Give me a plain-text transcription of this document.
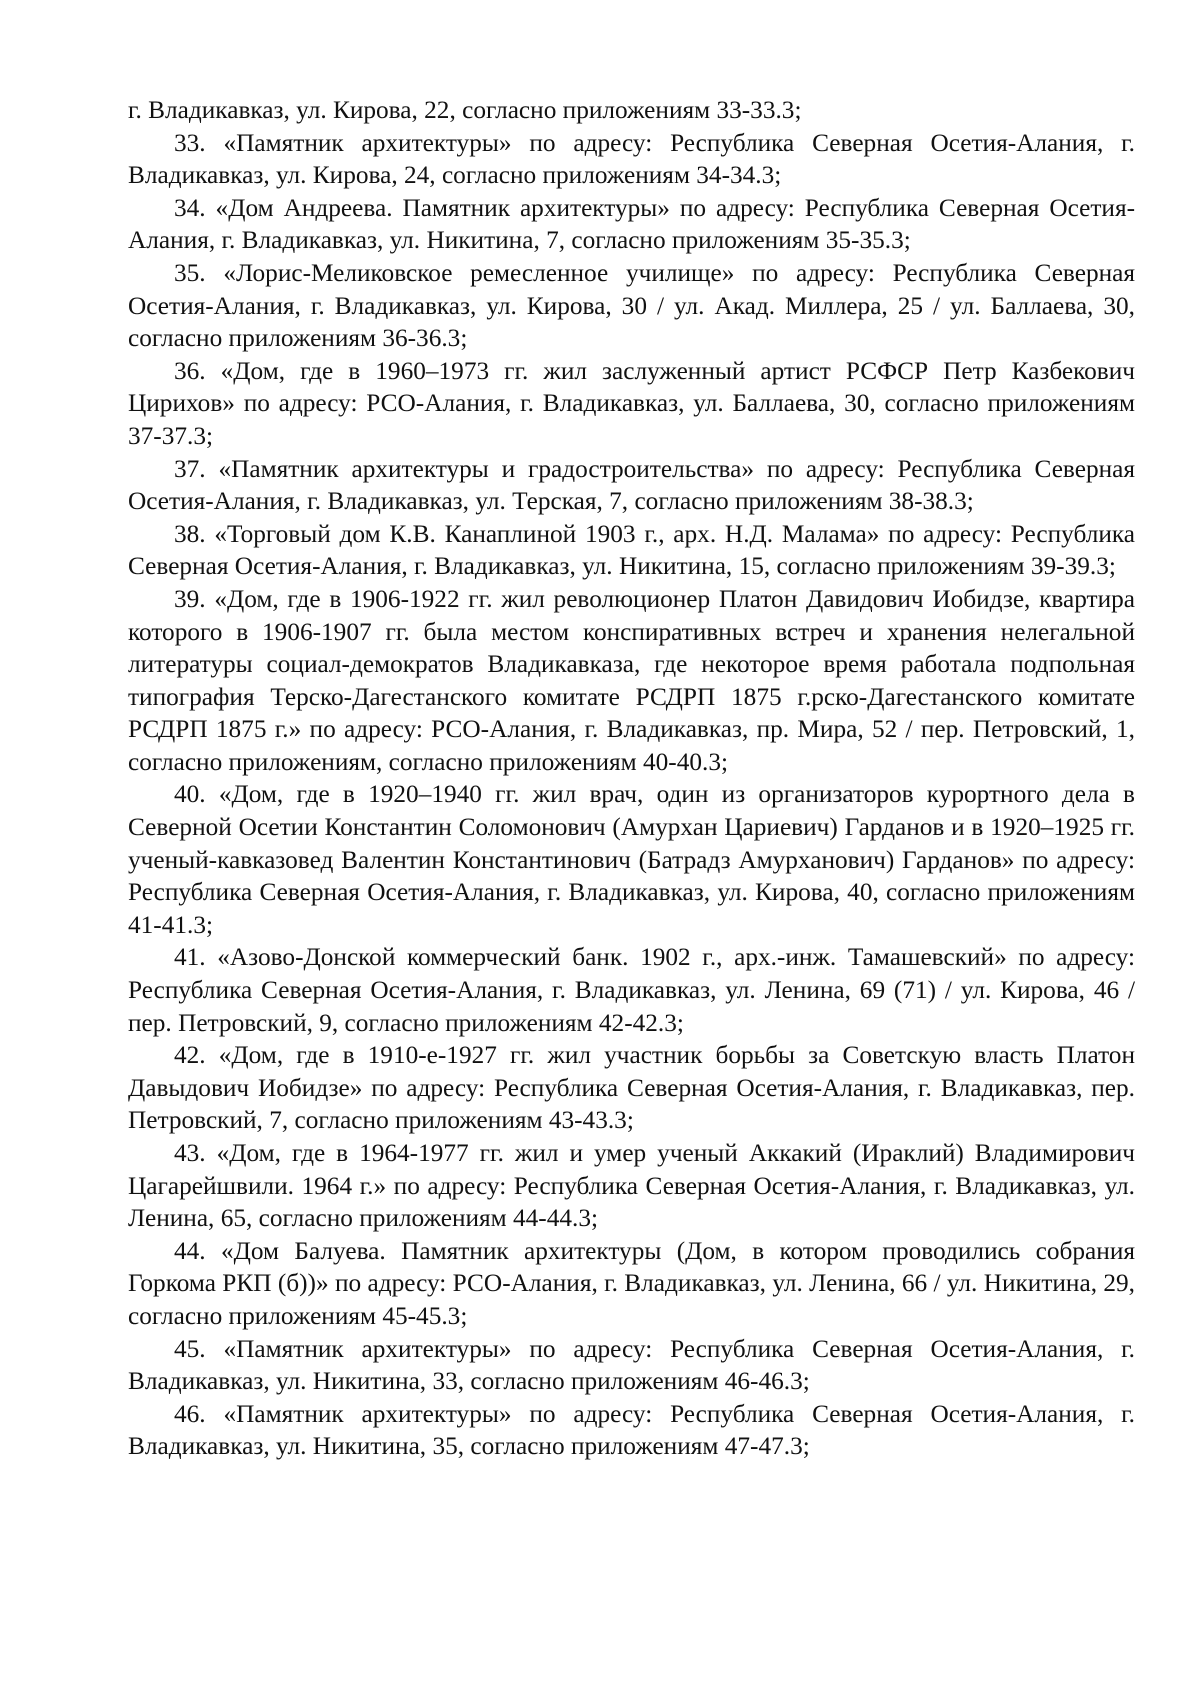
г. Владикавказ, ул. Кирова, 22, согласно приложениям 33-33.3;

33. «Памятник архитектуры» по адресу: Республика Северная Осетия-Алания, г. Владикавказ, ул. Кирова, 24, согласно приложениям 34-34.3;

34. «Дом Андреева. Памятник архитектуры» по адресу: Республика Северная Осетия-Алания, г. Владикавказ, ул. Никитина, 7, согласно приложениям 35-35.3;

35. «Лорис-Меликовское ремесленное училище» по адресу: Республика Северная Осетия-Алания, г. Владикавказ, ул. Кирова, 30 / ул. Акад. Миллера, 25 / ул. Баллаева, 30, согласно приложениям 36-36.3;

36. «Дом, где в 1960–1973 гг. жил заслуженный артист РСФСР Петр Казбекович Цирихов» по адресу: РСО-Алания, г. Владикавказ, ул. Баллаева, 30, согласно приложениям 37-37.3;

37. «Памятник архитектуры и градостроительства» по адресу: Республика Северная Осетия-Алания, г. Владикавказ, ул. Терская, 7, согласно приложениям 38-38.3;

38. «Торговый дом К.В. Канаплиной 1903 г., арх. Н.Д. Малама» по адресу: Республика Северная Осетия-Алания, г. Владикавказ, ул. Никитина, 15, согласно приложениям 39-39.3;

39. «Дом, где в 1906-1922 гг. жил революционер Платон Давидович Иобидзе, квартира которого в 1906-1907 гг. была местом конспиративных встреч и хранения нелегальной литературы социал-демократов Владикавказа, где некоторое время работала подпольная типография Терско-Дагестанского комитате РСДРП 1875 г.рско-Дагестанского комитате РСДРП 1875 г.» по адресу: РСО-Алания, г. Владикавказ, пр. Мира, 52 / пер. Петровский, 1, согласно приложениям, согласно приложениям 40-40.3;

40. «Дом, где в 1920–1940 гг. жил врач, один из организаторов курортного дела в Северной Осетии Константин Соломонович (Амурхан Цариевич) Гарданов и в 1920–1925 гг. ученый-кавказовед Валентин Константинович (Батрадз Амурханович) Гарданов» по адресу: Республика Северная Осетия-Алания, г. Владикавказ, ул. Кирова, 40, согласно приложениям 41-41.3;

41. «Азово-Донской коммерческий банк. 1902 г., арх.-инж. Тамашевский» по адресу: Республика Северная Осетия-Алания, г. Владикавказ, ул. Ленина, 69 (71) / ул. Кирова, 46 / пер. Петровский, 9, согласно приложениям 42-42.3;

42. «Дом, где в 1910-е-1927 гг. жил участник борьбы за Советскую власть Платон Давыдович Иобидзе» по адресу: Республика Северная Осетия-Алания, г. Владикавказ, пер. Петровский, 7, согласно приложениям 43-43.3;

43. «Дом, где в 1964-1977 гг. жил и умер ученый Аккакий (Ираклий) Владимирович Цагарейшвили. 1964 г.» по адресу: Республика Северная Осетия-Алания, г. Владикавказ, ул. Ленина, 65, согласно приложениям 44-44.3;

44. «Дом Балуева. Памятник архитектуры (Дом, в котором проводились собрания Горкома РКП (б))» по адресу: РСО-Алания, г. Владикавказ, ул. Ленина, 66 / ул. Никитина, 29, согласно приложениям 45-45.3;

45. «Памятник архитектуры» по адресу: Республика Северная Осетия-Алания, г. Владикавказ, ул. Никитина, 33, согласно приложениям 46-46.3;

46. «Памятник архитектуры» по адресу: Республика Северная Осетия-Алания, г. Владикавказ, ул. Никитина, 35, согласно приложениям 47-47.3;
